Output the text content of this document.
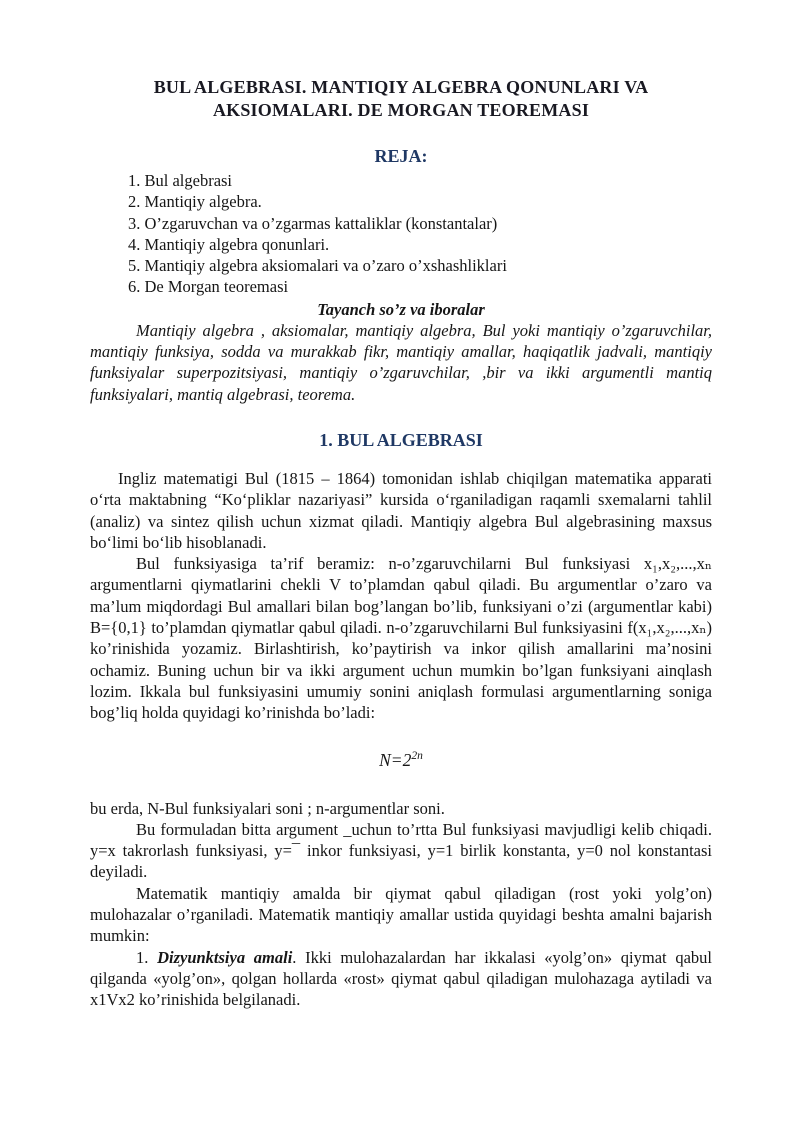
BUL ALGEBRASI. MANTIQIY ALGEBRA QONUNLARI VA
AKSIOMALARI. DE MORGAN TEOREMASI
REJA:
1. Bul algebrasi
2. Mantiqiy algebra.
3. O’zgaruvchan va o’zgarmas kattaliklar (konstantalar)
4. Mantiqiy algebra qonunlari.
5. Mantiqiy algebra aksiomalari va o’zaro o’xshashliklari
6. De Morgan teoremasi
Tayanch so’z va iboralar

Mantiqiy algebra , aksiomalar, mantiqiy algebra, Bul yoki mantiqiy o’zgaruvchilar, mantiqiy funksiya, sodda va murakkab fikr, mantiqiy amallar, haqiqatlik jadvali, mantiqiy funksiyalar superpozitsiyasi, mantiqiy o’zgaruvchilar, ,bir va ikki argumentli mantiq funksiyalari, mantiq algebrasi, teorema.

1. BUL ALGEBRASI

Ingliz matematigi Bul (1815 – 1864) tomonidan ishlab chiqilgan matematika apparati oʻrta maktabning “Koʻpliklar nazariyasi” kursida oʻrganiladigan raqamli sxemalarni tahlil (analiz) va sintez qilish uchun xizmat qiladi. Mantiqiy algebra Bul algebrasining maxsus boʻlimi boʻlib hisoblanadi.

Bul funksiyasiga ta’rif beramiz: n-o’zgaruvchilarni Bul funksiyasi x₁,x₂,...,xₙ argumentlarni qiymatlarini chekli V to’plamdan qabul qiladi. Bu argumentlar o’zaro va ma’lum miqdordagi Bul amallari bilan bog’langan bo’lib, funksiyani o’zi (argumentlar kabi) B={0,1} to’plamdan qiymatlar qabul qiladi. n-o’zgaruvchilarni Bul funksiyasini f(x₁,x₂,...,xₙ) ko’rinishida yozamiz. Birlashtirish, ko’paytirish va inkor qilish amallarini ma’nosini ochamiz. Buning uchun bir va ikki argument uchun mumkin bo’lgan funksiyani ainqlash lozim. Ikkala bul funksiyasini umumiy sonini aniqlash formulasi argumentlarning soniga bog’liq holda quyidagi ko’rinishda bo’ladi:

$N=2^{2n}$

bu erda, N-Bul funksiyalari soni ; n-argumentlar soni.

Bu formuladan bitta argument _uchun to’rtta Bul funksiyasi mavjudligi kelib chiqadi. y=x takrorlash funksiyasi, y=¯ inkor funksiyasi, y=1 birlik konstanta, y=0 nol konstantasi deyiladi.

Matematik mantiqiy amalda bir qiymat qabul qiladigan (rost yoki yolg’on) mulohazalar o’rganiladi. Matematik mantiqiy amallar ustida quyidagi beshta amalni bajarish mumkin:

1. Dizyunktsiya amali. Ikki mulohazalardan har ikkalasi «yolg’on» qiymat qabul qilganda «yolg’on», qolgan hollarda «rost» qiymat qabul qiladigan mulohazaga aytiladi va x1Vx2 ko’rinishida belgilanadi.
